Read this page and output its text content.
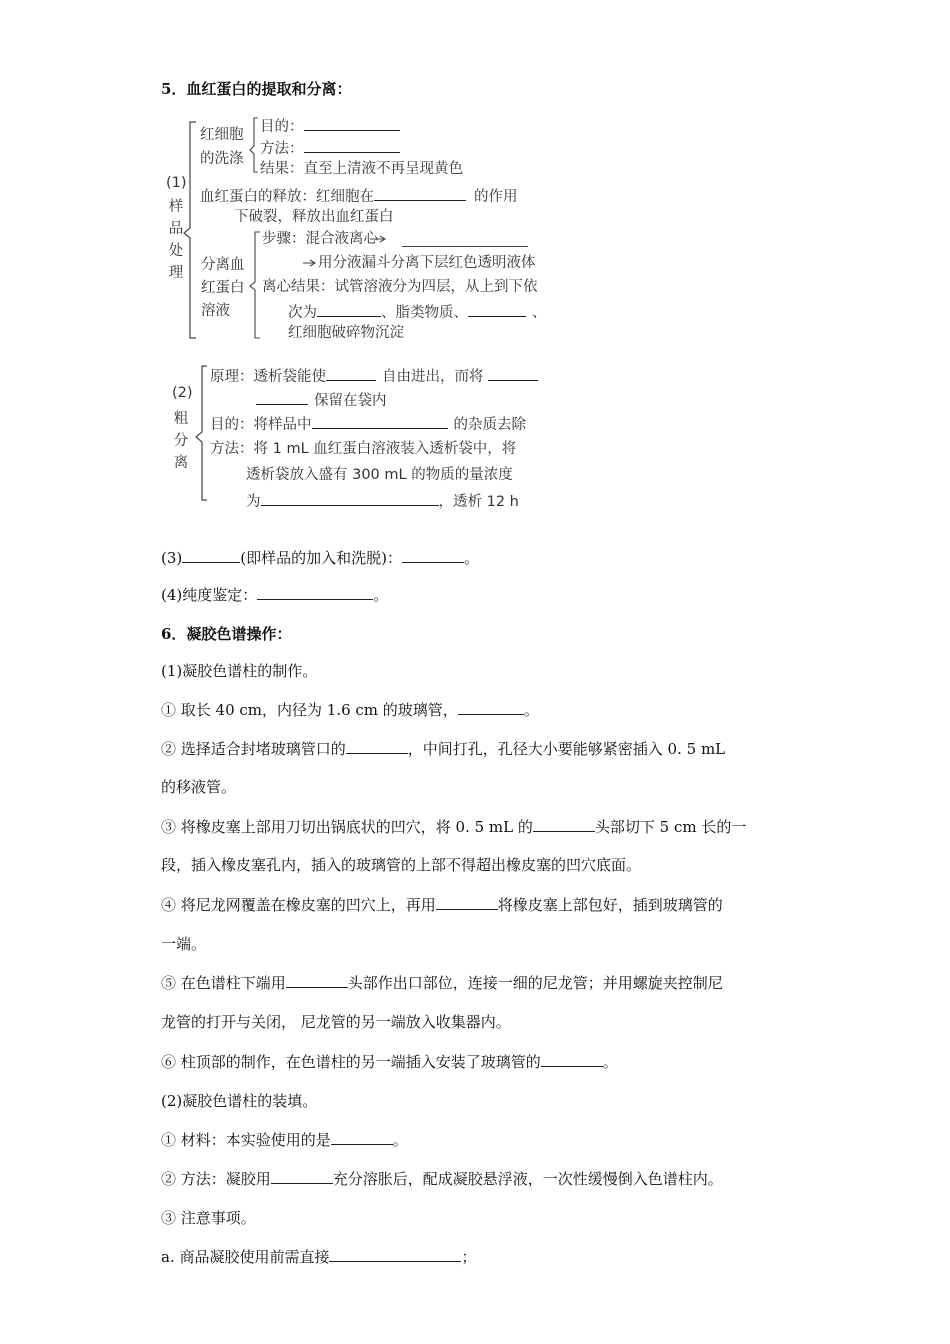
5．血红蛋白的提取和分离：
(1)
样品处理
红细胞
的洗涤
目的：
方法：
结果：直至上清液不再呈现黄色
血红蛋白的释放：红细胞在	的作用
下破裂，释放出血红蛋白
分离血
红蛋白
溶液
步骤：混合液离心
用分液漏斗分离下层红色透明液体
离心结果：试管溶液分为四层，从上到下依
次为	、脂类物质、	、
红细胞破碎物沉淀
(2)
粗分离
原理：透析袋能使	自由进出，而将
保留在袋内
目的：将样品中	的杂质去除
方法：将 1 mL 血红蛋白溶液装入透析袋中，将
透析袋放入盛有 300 mL 的物质的量浓度
为	，透析 12 h
(3)	(即样品的加入和洗脱)：	。
(4)纯度鉴定：	。
6．凝胶色谱操作：
(1)凝胶色谱柱的制作。
① 取长 40 cm，内径为 1.6 cm 的玻璃管，	。
② 选择适合封堵玻璃管口的	，中间打孔，孔径大小要能够紧密插入 0. 5 mL
的移液管。
③ 将橡皮塞上部用刀切出锅底状的凹穴，将 0. 5 mL 的	头部切下 5 cm 长的一
段，插入橡皮塞孔内，插入的玻璃管的上部不得超出橡皮塞的凹穴底面。
④ 将尼龙网覆盖在橡皮塞的凹穴上，再用	将橡皮塞上部包好，插到玻璃管的
一端。
⑤ 在色谱柱下端用	头部作出口部位，连接一细的尼龙管；并用螺旋夹控制尼
龙管的打开与关闭， 尼龙管的另一端放入收集器内。
⑥ 柱顶部的制作，在色谱柱的另一端插入安装了玻璃管的	。
(2)凝胶色谱柱的装填。
① 材料：本实验使用的是	。
② 方法：凝胶用	充分溶胀后，配成凝胶悬浮液，一次性缓慢倒入色谱柱内。
③ 注意事项。
a. 商品凝胶使用前需直接	；
